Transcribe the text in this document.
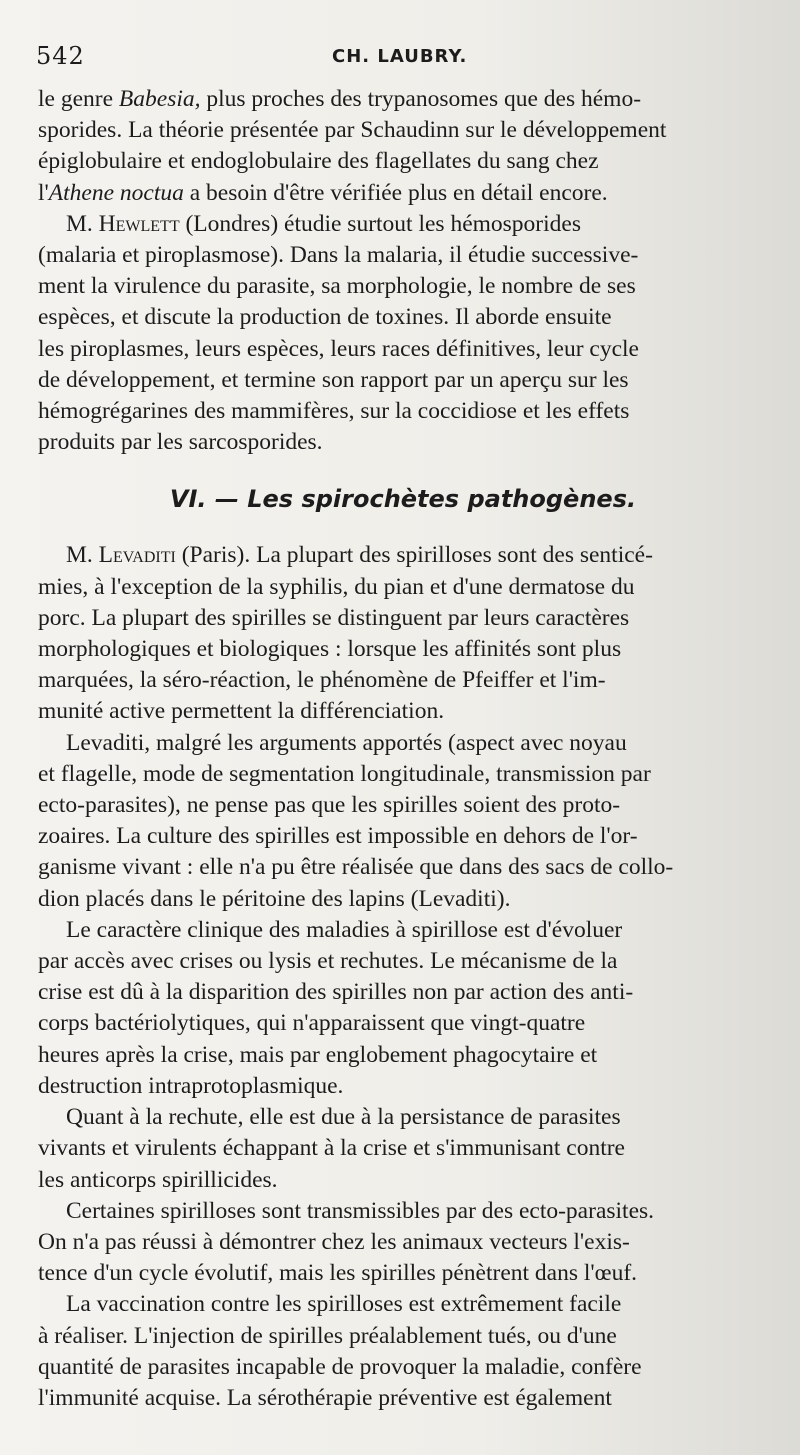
542	CH. LAUBRY.
le genre Babesia, plus proches des trypanosomes que des hémo-
sporides. La théorie présentée par Schaudinn sur le développement
épiglobulaire et endoglobulaire des flagellates du sang chez
l'Athene noctua a besoin d'être vérifiée plus en détail encore.
M. Hewlett (Londres) étudie surtout les hémosporides
(malaria et piroplasmose). Dans la malaria, il étudie successive-
ment la virulence du parasite, sa morphologie, le nombre de ses
espèces, et discute la production de toxines. Il aborde ensuite
les piroplasmes, leurs espèces, leurs races définitives, leur cycle
de développement, et termine son rapport par un aperçu sur les
hémogrégarines des mammifères, sur la coccidiose et les effets
produits par les sarcosporides.
VI. — Les spirochètes pathogènes.
M. Levaditi (Paris). La plupart des spirilloses sont des senticé-
mies, à l'exception de la syphilis, du pian et d'une dermatose du
porc. La plupart des spirilles se distinguent par leurs caractères
morphologiques et biologiques : lorsque les affinités sont plus
marquées, la séro-réaction, le phénomène de Pfeiffer et l'im-
munité active permettent la différenciation.
Levaditi, malgré les arguments apportés (aspect avec noyau
et flagelle, mode de segmentation longitudinale, transmission par
ecto-parasites), ne pense pas que les spirilles soient des proto-
zoaires. La culture des spirilles est impossible en dehors de l'or-
ganisme vivant : elle n'a pu être réalisée que dans des sacs de collo-
dion placés dans le péritoine des lapins (Levaditi).
Le caractère clinique des maladies à spirillose est d'évoluer
par accès avec crises ou lysis et rechutes. Le mécanisme de la
crise est dû à la disparition des spirilles non par action des anti-
corps bactériolytiques, qui n'apparaissent que vingt-quatre
heures après la crise, mais par englobement phagocytaire et
destruction intraprotoplasmique.
Quant à la rechute, elle est due à la persistance de parasites
vivants et virulents échappant à la crise et s'immunisant contre
les anticorps spirillicides.
Certaines spirilloses sont transmissibles par des ecto-parasites.
On n'a pas réussi à démontrer chez les animaux vecteurs l'exis-
tence d'un cycle évolutif, mais les spirilles pénètrent dans l'œuf.
La vaccination contre les spirilloses est extrêmement facile
à réaliser. L'injection de spirilles préalablement tués, ou d'une
quantité de parasites incapable de provoquer la maladie, confère
l'immunité acquise. La sérothérapie préventive est également
